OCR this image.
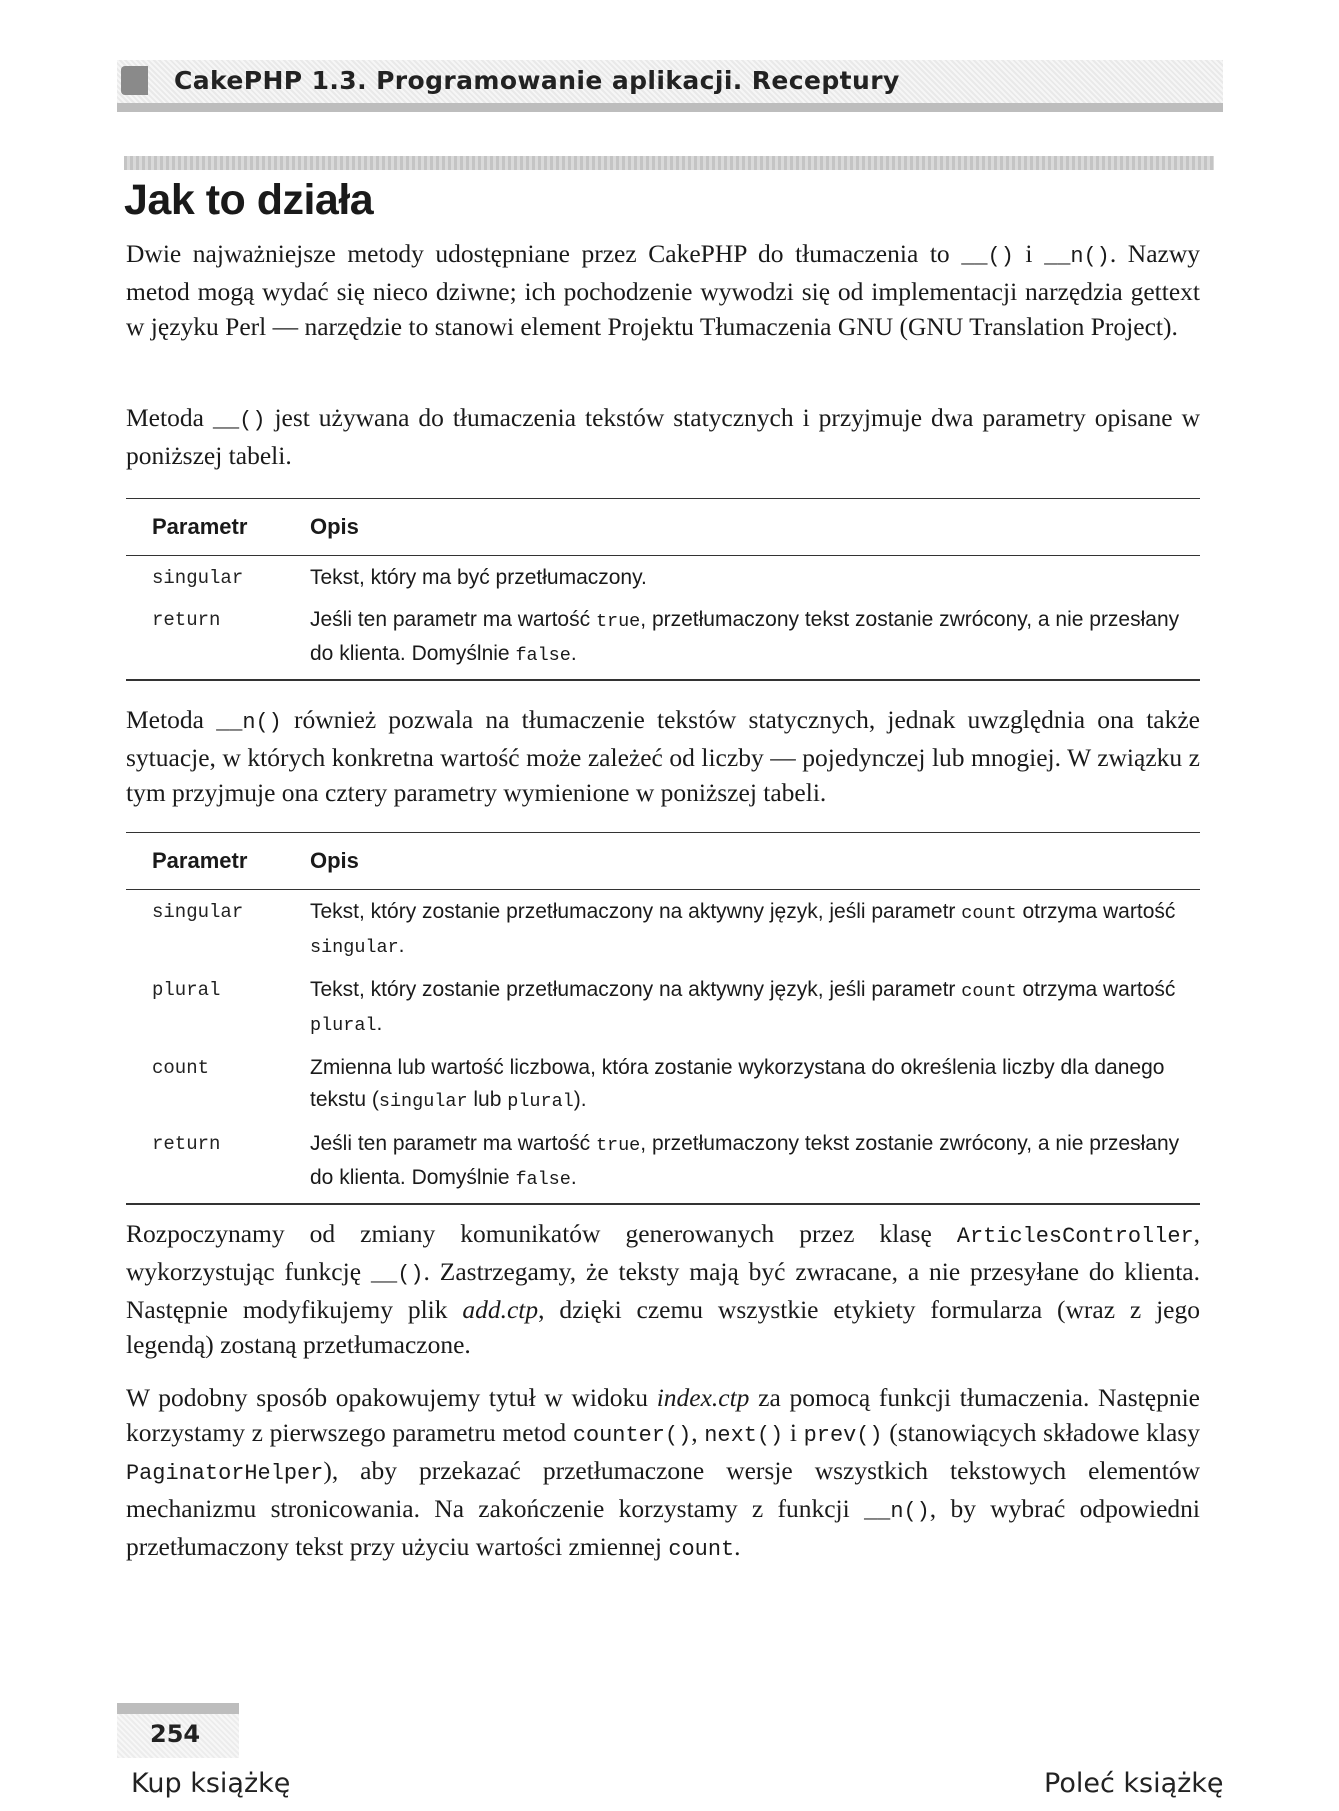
CakePHP 1.3. Programowanie aplikacji. Receptury
Jak to działa

Dwie najważniejsze metody udostępniane przez CakePHP do tłumaczenia to __() i __n(). Nazwy metod mogą wydać się nieco dziwne; ich pochodzenie wywodzi się od implementacji narzędzia gettext w języku Perl — narzędzie to stanowi element Projektu Tłumaczenia GNU (GNU Translation Project).

Metoda __() jest używana do tłumaczenia tekstów statycznych i przyjmuje dwa parametry opisane w poniższej tabeli.

Parametr	Opis
singular	Tekst, który ma być przetłumaczony.
return	Jeśli ten parametr ma wartość true, przetłumaczony tekst zostanie zwrócony, a nie przesłany do klienta. Domyślnie false.

Metoda __n() również pozwala na tłumaczenie tekstów statycznych, jednak uwzględnia ona także sytuacje, w których konkretna wartość może zależeć od liczby — pojedynczej lub mnogiej. W związku z tym przyjmuje ona cztery parametry wymienione w poniższej tabeli.

Parametr	Opis
singular	Tekst, który zostanie przetłumaczony na aktywny język, jeśli parametr count otrzyma wartość singular.
plural	Tekst, który zostanie przetłumaczony na aktywny język, jeśli parametr count otrzyma wartość plural.
count	Zmienna lub wartość liczbowa, która zostanie wykorzystana do określenia liczby dla danego tekstu (singular lub plural).
return	Jeśli ten parametr ma wartość true, przetłumaczony tekst zostanie zwrócony, a nie przesłany do klienta. Domyślnie false.

Rozpoczynamy od zmiany komunikatów generowanych przez klasę ArticlesController, wykorzystując funkcję __(). Zastrzegamy, że teksty mają być zwracane, a nie przesyłane do klienta. Następnie modyfikujemy plik add.ctp, dzięki czemu wszystkie etykiety formularza (wraz z jego legendą) zostaną przetłumaczone.

W podobny sposób opakowujemy tytuł w widoku index.ctp za pomocą funkcji tłumaczenia. Następnie korzystamy z pierwszego parametru metod counter(), next() i prev() (stanowiących składowe klasy PaginatorHelper), aby przekazać przetłumaczone wersje wszystkich tekstowych elementów mechanizmu stronicowania. Na zakończenie korzystamy z funkcji __n(), by wybrać odpowiedni przetłumaczony tekst przy użyciu wartości zmiennej count.

254
Kup książkę	Poleć książkę
